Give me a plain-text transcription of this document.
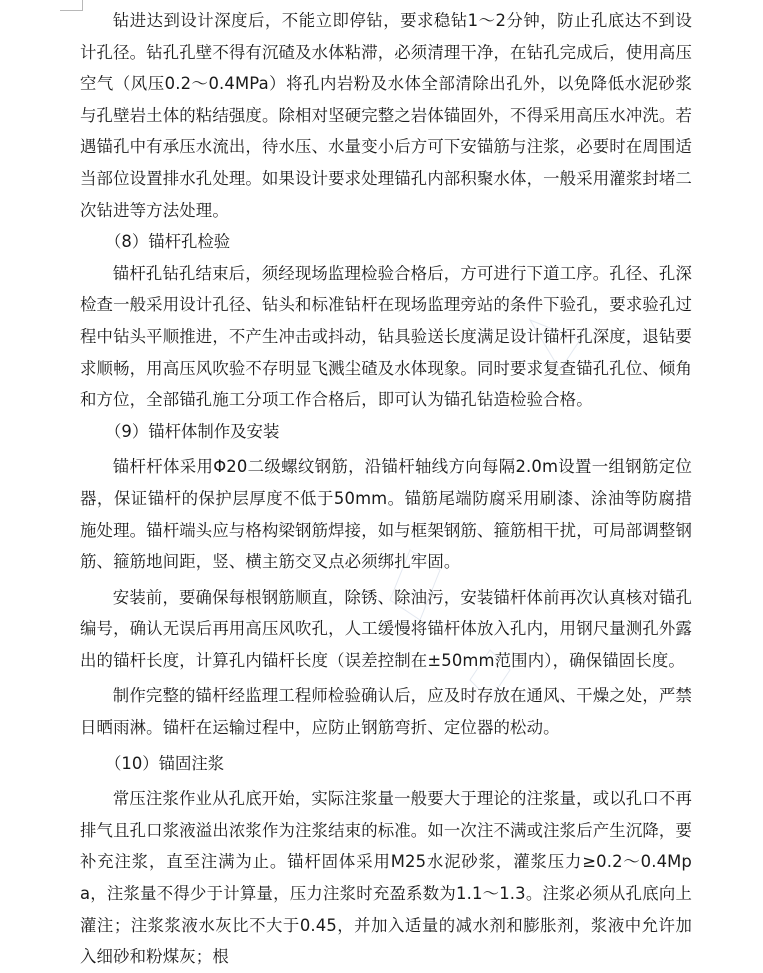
钻进达到设计深度后，不能立即停钻，要求稳钻1～2分钟，防止孔底达不到设计孔径。钻孔孔壁不得有沉碴及水体粘滞，必须清理干净，在钻孔完成后，使用高压空气（风压0.2～0.4MPa）将孔内岩粉及水体全部清除出孔外，以免降低水泥砂浆与孔壁岩土体的粘结强度。除相对坚硬完整之岩体锚固外，不得采用高压水冲洗。若遇锚孔中有承压水流出，待水压、水量变小后方可下安锚筋与注浆，必要时在周围适当部位设置排水孔处理。如果设计要求处理锚孔内部积聚水体，一般采用灌浆封堵二次钻进等方法处理。

（8）锚杆孔检验

锚杆孔钻孔结束后，须经现场监理检验合格后，方可进行下道工序。孔径、孔深检查一般采用设计孔径、钻头和标准钻杆在现场监理旁站的条件下验孔，要求验孔过程中钻头平顺推进，不产生冲击或抖动，钻具验送长度满足设计锚杆孔深度，退钻要求顺畅，用高压风吹验不存明显飞溅尘碴及水体现象。同时要求复查锚孔孔位、倾角和方位，全部锚孔施工分项工作合格后，即可认为锚孔钻造检验合格。

（9）锚杆体制作及安装

锚杆杆体采用Φ20二级螺纹钢筋，沿锚杆轴线方向每隔2.0m设置一组钢筋定位器，保证锚杆的保护层厚度不低于50mm。锚筋尾端防腐采用刷漆、涂油等防腐措施处理。锚杆端头应与格构梁钢筋焊接，如与框架钢筋、箍筋相干扰，可局部调整钢筋、箍筋地间距，竖、横主筋交叉点必须绑扎牢固。

安装前，要确保每根钢筋顺直，除锈、除油污，安装锚杆体前再次认真核对锚孔编号，确认无误后再用高压风吹孔，人工缓慢将锚杆体放入孔内，用钢尺量测孔外露出的锚杆长度，计算孔内锚杆长度（误差控制在±50mm范围内），确保锚固长度。

制作完整的锚杆经监理工程师检验确认后，应及时存放在通风、干燥之处，严禁日晒雨淋。锚杆在运输过程中，应防止钢筋弯折、定位器的松动。

（10）锚固注浆

常压注浆作业从孔底开始，实际注浆量一般要大于理论的注浆量，或以孔口不再排气且孔口浆液溢出浓浆作为注浆结束的标准。如一次注不满或注浆后产生沉降，要补充注浆，直至注满为止。锚杆固体采用M25水泥砂浆，灌浆压力≥0.2～0.4Mpa，注浆量不得少于计算量，压力注浆时充盈系数为1.1～1.3。注浆必须从孔底向上灌注；注浆浆液水灰比不大于0.45，并加入适量的减水剂和膨胀剂，浆液中允许加入细砂和粉煤灰；根
